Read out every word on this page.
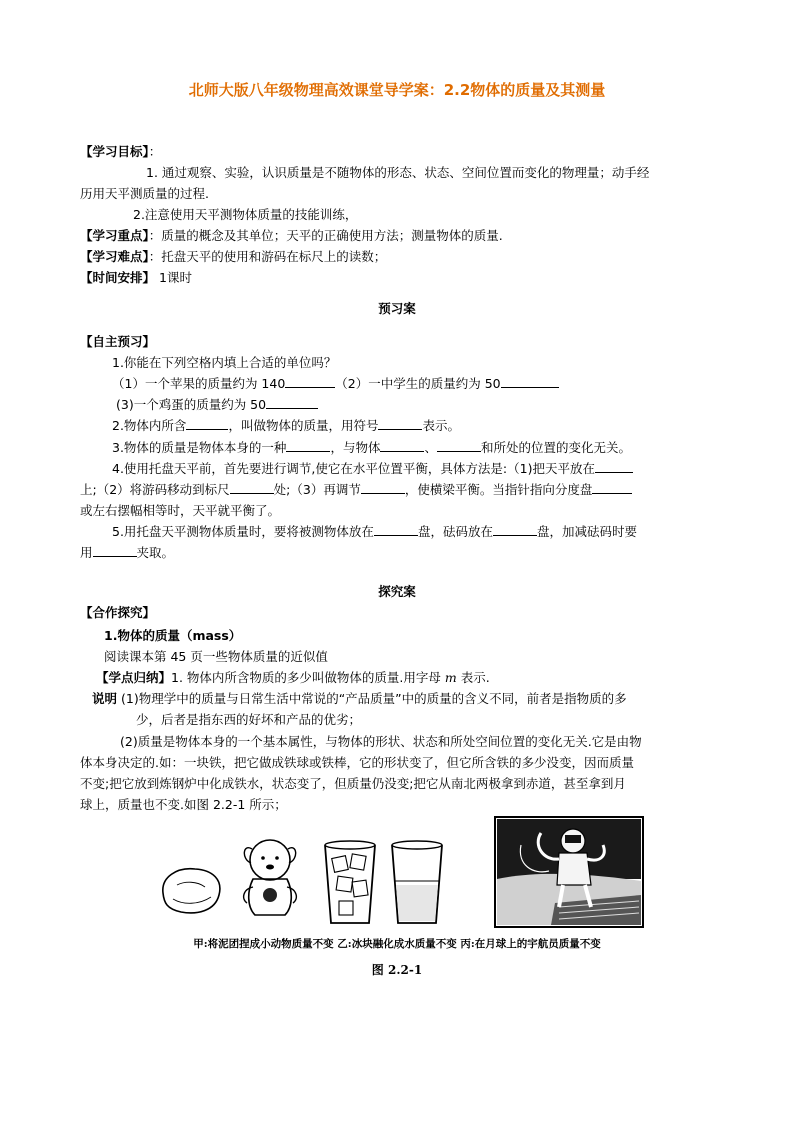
北师大版八年级物理高效课堂导学案：2.2物体的质量及其测量
【学习目标】：
1. 通过观察、实验，认识质量是不随物体的形态、状态、空间位置而变化的物理量；动手经
历用天平测质量的过程.
2.注意使用天平测物体质量的技能训练，
【学习重点】：质量的概念及其单位；天平的正确使用方法；测量物体的质量.
【学习难点】：托盘天平的使用和游码在标尺上的读数；
【时间安排】 1课时
预习案
【自主预习】
1.你能在下列空格内填上合适的单位吗？
（1）一个苹果的质量约为 140	（2）一中学生的质量约为 50
(3)一个鸡蛋的质量约为 50
2.物体内所含	，叫做物体的质量，用符号	表示。
3.物体的质量是物体本身的一种	，与物体	、	和所处的位置的变化无关。
4.使用托盘天平前，首先要进行调节,使它在水平位置平衡，具体方法是:（1)把天平放在
上;（2）将游码移动到标尺	处;（3）再调节	，使横梁平衡。当指针指向分度盘
或左右摆幅相等时，天平就平衡了。
5.用托盘天平测物体质量时，要将被测物体放在	盘，砝码放在	盘，加减砝码时要
用	夹取。
探究案
【合作探究】
1.物体的质量（mass）
阅读课本第 45 页一些物体质量的近似值
【学点归纳】1. 物体内所含物质的多少叫做物体的质量.用字母 m 表示.
说明 (1)物理学中的质量与日常生活中常说的“产品质量”中的质量的含义不同，前者是指物质的多
少，后者是指东西的好坏和产品的优劣；
(2)质量是物体本身的一个基本属性，与物体的形状、状态和所处空间位置的变化无关.它是由物
体本身决定的.如：一块铁，把它做成铁球或铁棒，它的形状变了，但它所含铁的多少没变，因而质量
不变;把它放到炼钢炉中化成铁水，状态变了，但质量仍没变;把它从南北两极拿到赤道，甚至拿到月
球上，质量也不变.如图 2.2-1 所示；
甲:将泥团捏成小动物质量不变 乙:冰块融化成水质量不变 丙:在月球上的宇航员质量不变
图 2.2-1
